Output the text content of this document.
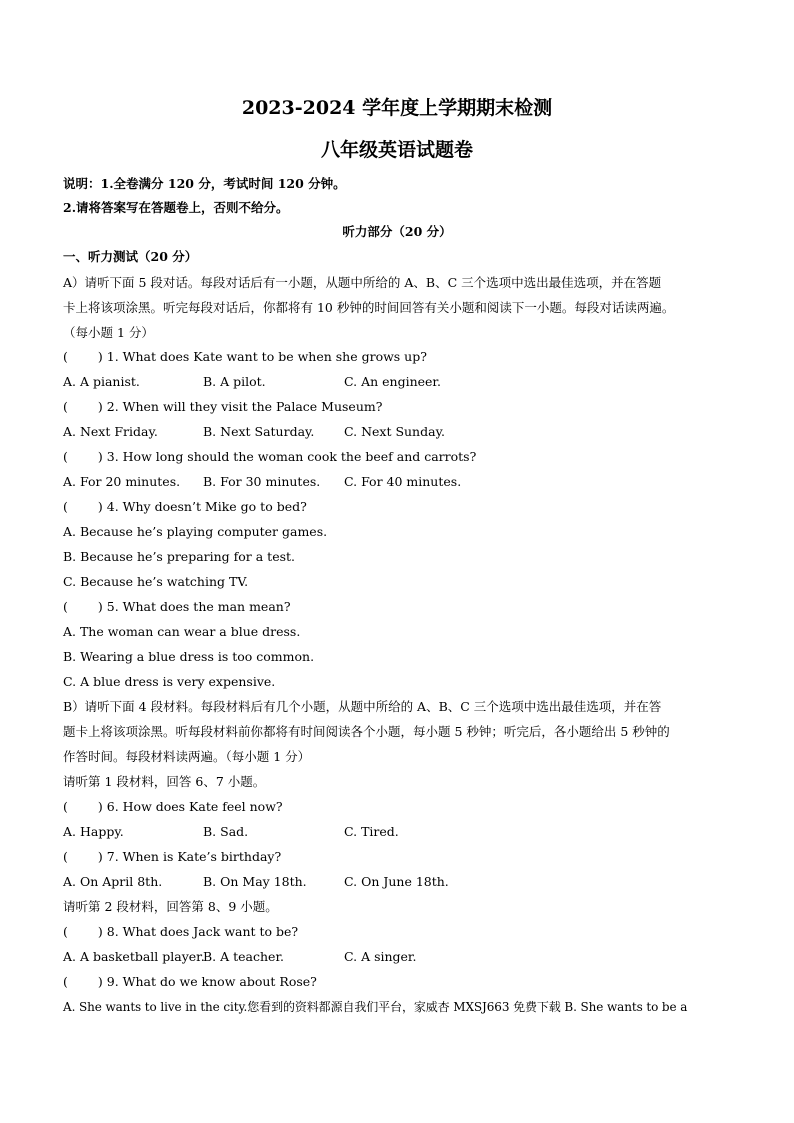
2023-2024 学年度上学期期末检测
八年级英语试题卷
说明：1.全卷满分 120 分，考试时间 120 分钟。
2.请将答案写在答题卷上，否则不给分。
听力部分（20 分）
一、听力测试（20 分）
A）请听下面 5 段对话。每段对话后有一小题，从题中所给的 A、B、C 三个选项中选出最佳选项，并在答题
卡上将该项涂黑。听完每段对话后，你都将有 10 秒钟的时间回答有关小题和阅读下一小题。每段对话读两遍。
（每小题 1 分）
( ) 1. What does Kate want to be when she grows up?
A. A pianist.	B. A pilot.	C. An engineer.
( ) 2. When will they visit the Palace Museum?
A. Next Friday.	B. Next Saturday. C. Next Sunday.
( ) 3. How long should the woman cook the beef and carrots?
A. For 20 minutes. B. For 30 minutes. C. For 40 minutes.
( ) 4. Why doesn’t Mike go to bed?
A. Because he’s playing computer games.
B. Because he’s preparing for a test.
C. Because he’s watching TV.
( ) 5. What does the man mean?
A. The woman can wear a blue dress.
B. Wearing a blue dress is too common.
C. A blue dress is very expensive.
B）请听下面 4 段材料。每段材料后有几个小题，从题中所给的 A、B、C 三个选项中选出最佳选项，并在答
题卡上将该项涂黑。听每段材料前你都将有时间阅读各个小题，每小题 5 秒钟；听完后，各小题给出 5 秒钟的
作答时间。每段材料读两遍。（每小题 1 分）
请听第 1 段材料，回答 6、7 小题。
( ) 6. How does Kate feel now?
A. Happy.	B. Sad.	C. Tired.
( ) 7. When is Kate’s birthday?
A. On April 8th.	B. On May 18th.	C. On June 18th.
请听第 2 段材料，回答第 8、9 小题。
( ) 8. What does Jack want to be?
A. A basketball player.
B. A teacher.	C. A singer.
( ) 9. What do we know about Rose?
A. She wants to live in the city.您看到的资料都源自我们平台，家威杏 MXSJ663 免费下载 B. She wants to be a
